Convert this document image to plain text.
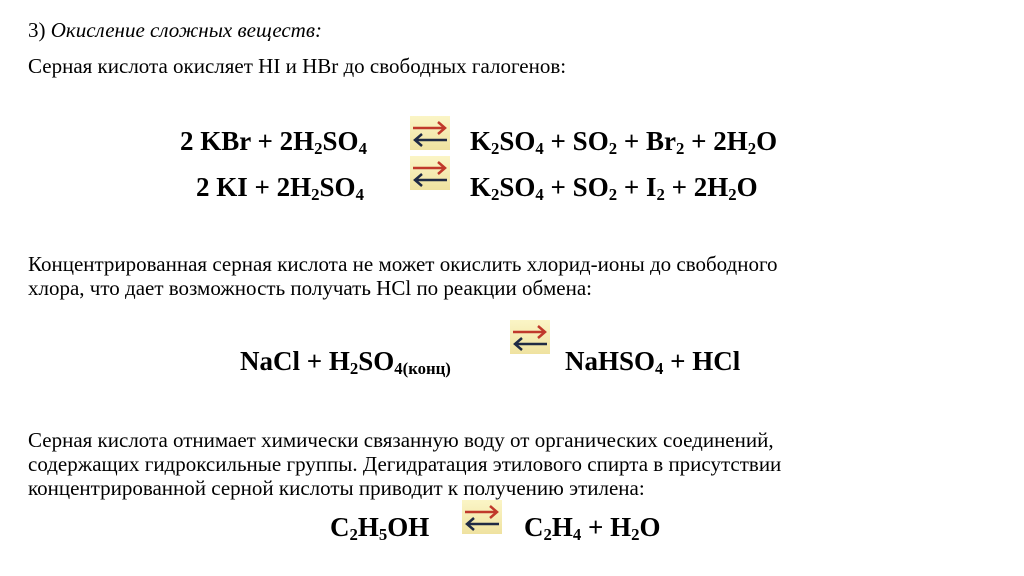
3) Окисление сложных веществ:
Серная кислота окисляет HI и HBr до свободных галогенов:
2 KBr + $2H_2SO_4$	$K_2SO_4 + SO_2 + Br_2 + 2H_2O$
2 KI + $2H_2SO_4$	$K_2SO_4 + SO_2 + I_2 + 2H_2O$
Концентрированная серная кислота не может окислить хлорид-ионы до свободного
хлора, что дает возможность получать HCl по реакции обмена:
NaCl + $H_2SO_{4(конц)}$	NaHSO$_4$ + HCl
Серная кислота отнимает химически связанную воду от органических соединений,
содержащих гидроксильные группы. Дегидратация этилового спирта в присутствии
концентрированной серной кислоты приводит к получению этилена:
$C_2H_5OH$	$C_2H_4 + H_2O$
